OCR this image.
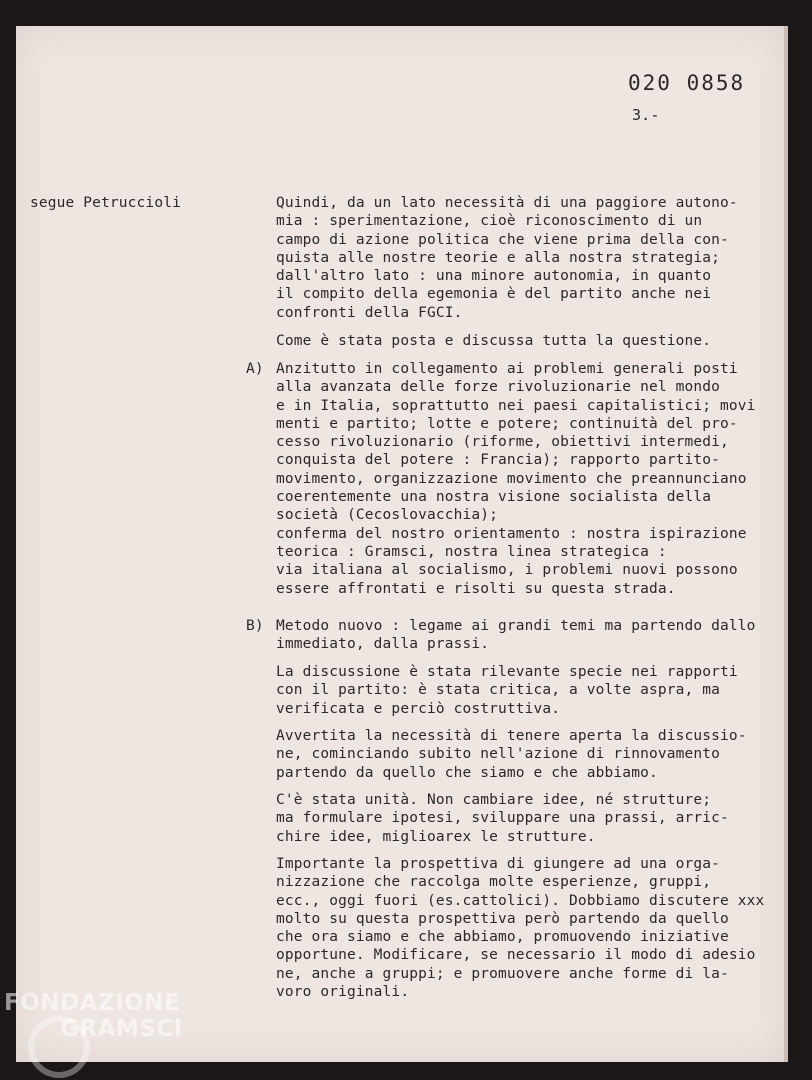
020 0858
3.-
segue Petruccioli	Quindi, da un lato necessità di una paggiore autono-
mia : sperimentazione, cioè riconoscimento di un
campo di azione politica che viene prima della con-
quista alle nostre teorie e alla nostra strategia;
dall'altro lato : una minore autonomia, in quanto
il compito della egemonia è del partito anche nei
confronti della FGCI.
Come è stata posta e discussa tutta la questione.
A) Anzitutto in collegamento ai problemi generali posti
alla avanzata delle forze rivoluzionarie nel mondo
e in Italia, soprattutto nei paesi capitalistici; movi
menti e partito; lotte e potere; continuità del pro-
cesso rivoluzionario (riforme, obiettivi intermedi,
conquista del potere : Francia); rapporto partito-
movimento, organizzazione movimento che preannunciano
coerentemente una nostra visione socialista della
società (Cecoslovacchia);
conferma del nostro orientamento : nostra ispirazione
teorica : Gramsci, nostra linea strategica :
via italiana al socialismo, i problemi nuovi possono
essere affrontati e risolti su questa strada.
B) Metodo nuovo : legame ai grandi temi ma partendo dallo
immediato, dalla prassi.
La discussione è stata rilevante specie nei rapporti
con il partito: è stata critica, a volte aspra, ma
verificata e perciò costruttiva.
Avvertita la necessità di tenere aperta la discussio-
ne, cominciando subito nell'azione di rinnovamento
partendo da quello che siamo e che abbiamo.
C'è stata unità. Non cambiare idee, né strutture;
ma formulare ipotesi, sviluppare una prassi, arric-
chire idee, miglioarex le strutture.
Importante la prospettiva di giungere ad una orga-
nizzazione che raccolga molte esperienze, gruppi,
ecc., oggi fuori (es.cattolici). Dobbiamo discutere xxx
molto su questa prospettiva però partendo da quello
che ora siamo e che abbiamo, promuovendo iniziative
opportune. Modificare, se necessario il modo di adesio
ne, anche a gruppi; e promuovere anche forme di la-
voro originali.
FONDAZIONE
GRAMSCI
